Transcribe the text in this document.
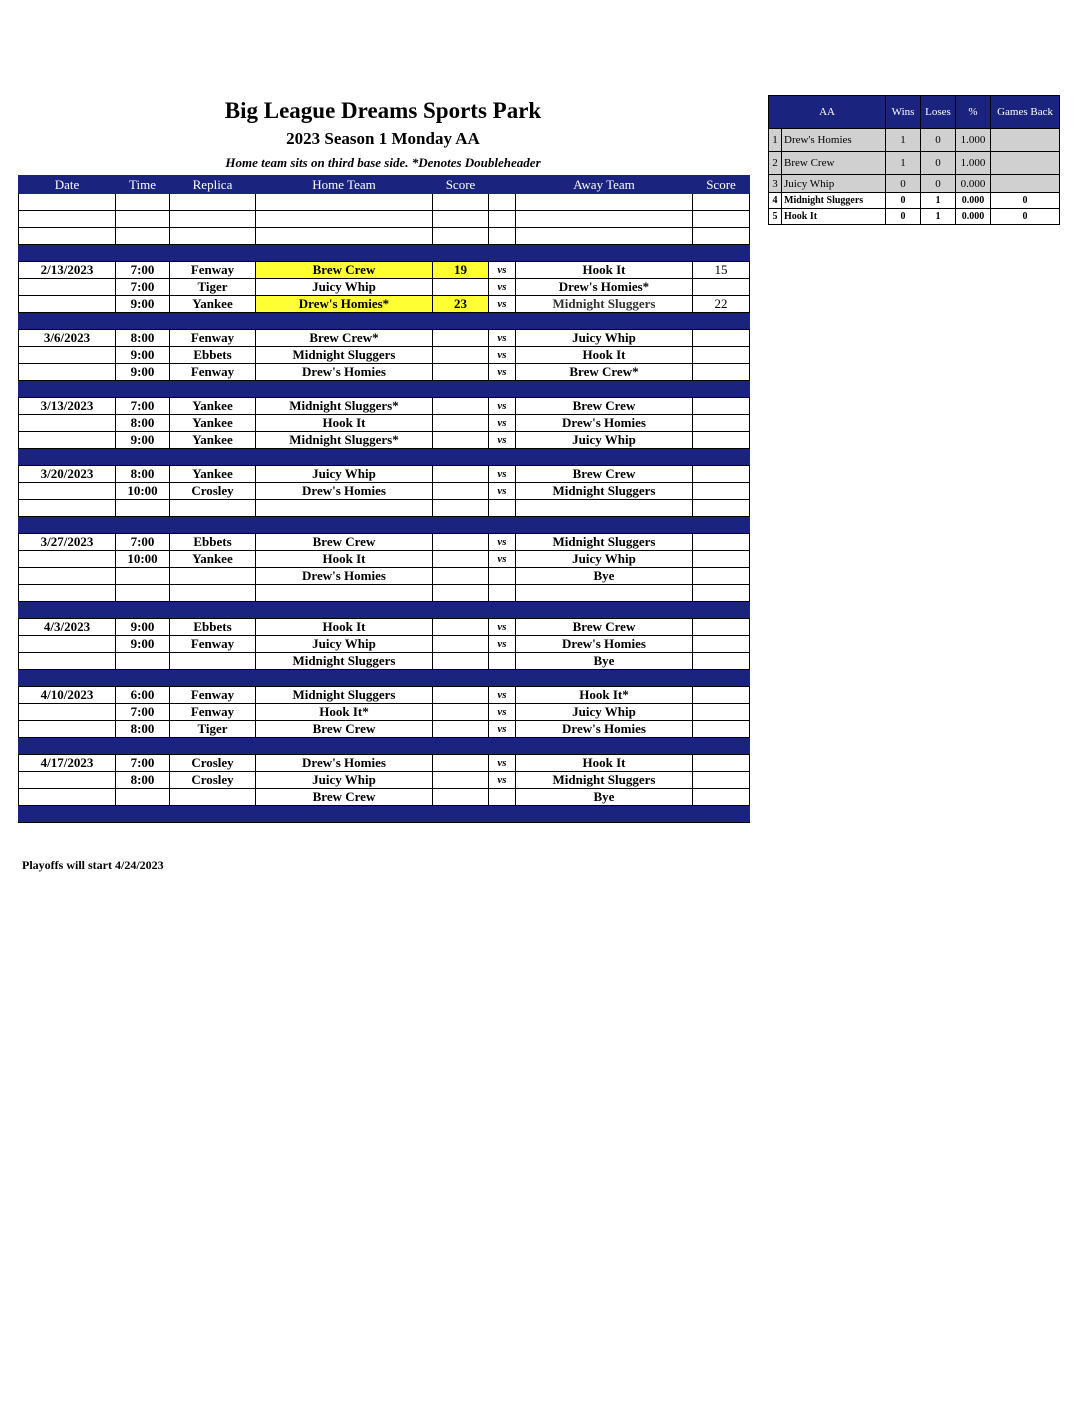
Big League Dreams Sports Park
2023 Season 1 Monday AA
Home team sits on third base side. *Denotes Doubleheader
Date	Time	Replica	Home Team	Score		Away Team	Score

2/13/2023	7:00	Fenway	Brew Crew	19	vs	Hook It	15
	7:00	Tiger	Juicy Whip		vs	Drew's Homies*	
	9:00	Yankee	Drew's Homies*	23	vs	Midnight Sluggers	22

3/6/2023	8:00	Fenway	Brew Crew*		vs	Juicy Whip	
	9:00	Ebbets	Midnight Sluggers		vs	Hook It	
	9:00	Fenway	Drew's Homies		vs	Brew Crew*	

3/13/2023	7:00	Yankee	Midnight Sluggers*		vs	Brew Crew	
	8:00	Yankee	Hook It		vs	Drew's Homies	
	9:00	Yankee	Midnight Sluggers*		vs	Juicy Whip	

3/20/2023	8:00	Yankee	Juicy Whip		vs	Brew Crew	
	10:00	Crosley	Drew's Homies		vs	Midnight Sluggers	

3/27/2023	7:00	Ebbets	Brew Crew		vs	Midnight Sluggers	
	10:00	Yankee	Hook It		vs	Juicy Whip	
			Drew's Homies			Bye	

4/3/2023	9:00	Ebbets	Hook It		vs	Brew Crew	
	9:00	Fenway	Juicy Whip		vs	Drew's Homies	
			Midnight Sluggers			Bye	

4/10/2023	6:00	Fenway	Midnight Sluggers		vs	Hook It*	
	7:00	Fenway	Hook It*		vs	Juicy Whip	
	8:00	Tiger	Brew Crew		vs	Drew's Homies	

4/17/2023	7:00	Crosley	Drew's Homies		vs	Hook It	
	8:00	Crosley	Juicy Whip		vs	Midnight Sluggers	
			Brew Crew			Bye	

Playoffs will start 4/24/2023
AA		Wins	Loses	%	Games Back
1	Drew's Homies	1	0	1.000	
2	Brew Crew	1	0	1.000	
3	Juicy Whip	0	0	0.000	
4	Midnight Sluggers	0	1	0.000	0
5	Hook It	0	1	0.000	0
